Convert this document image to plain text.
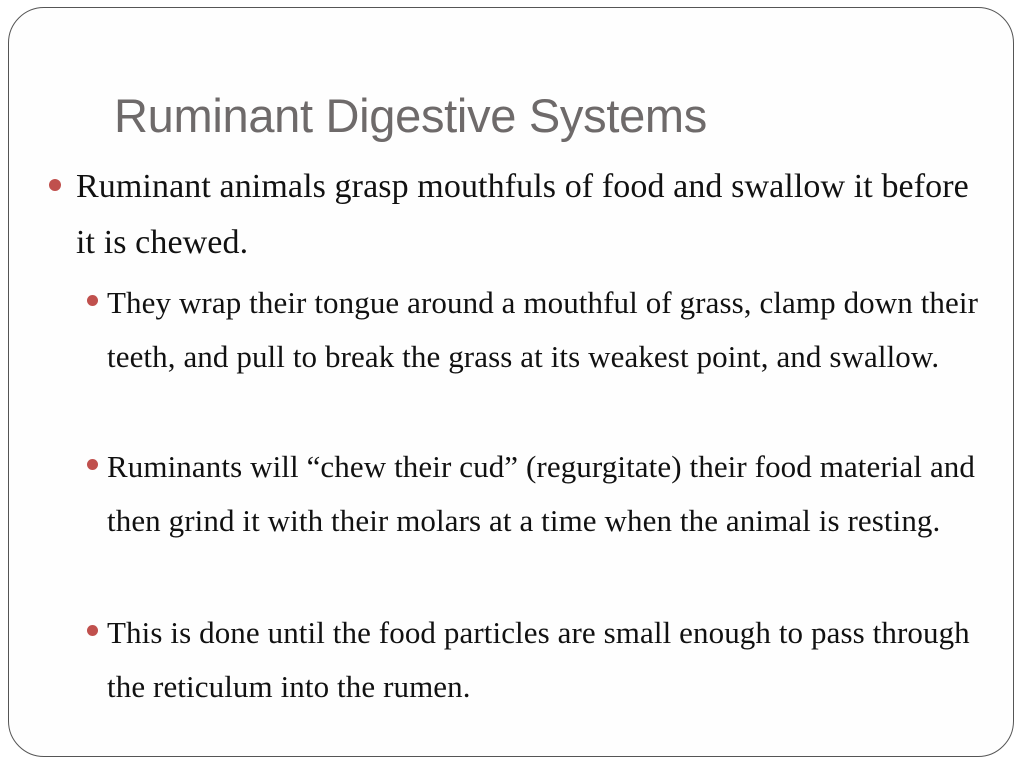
Ruminant Digestive Systems

Ruminant animals grasp mouthfuls of food and swallow it before it is chewed.

They wrap their tongue around a mouthful of grass, clamp down their teeth, and pull to break the grass at its weakest point, and swallow.

Ruminants will “chew their cud” (regurgitate) their food material and then grind it with their molars at a time when the animal is resting.

This is done until the food particles are small enough to pass through the reticulum into the rumen.
